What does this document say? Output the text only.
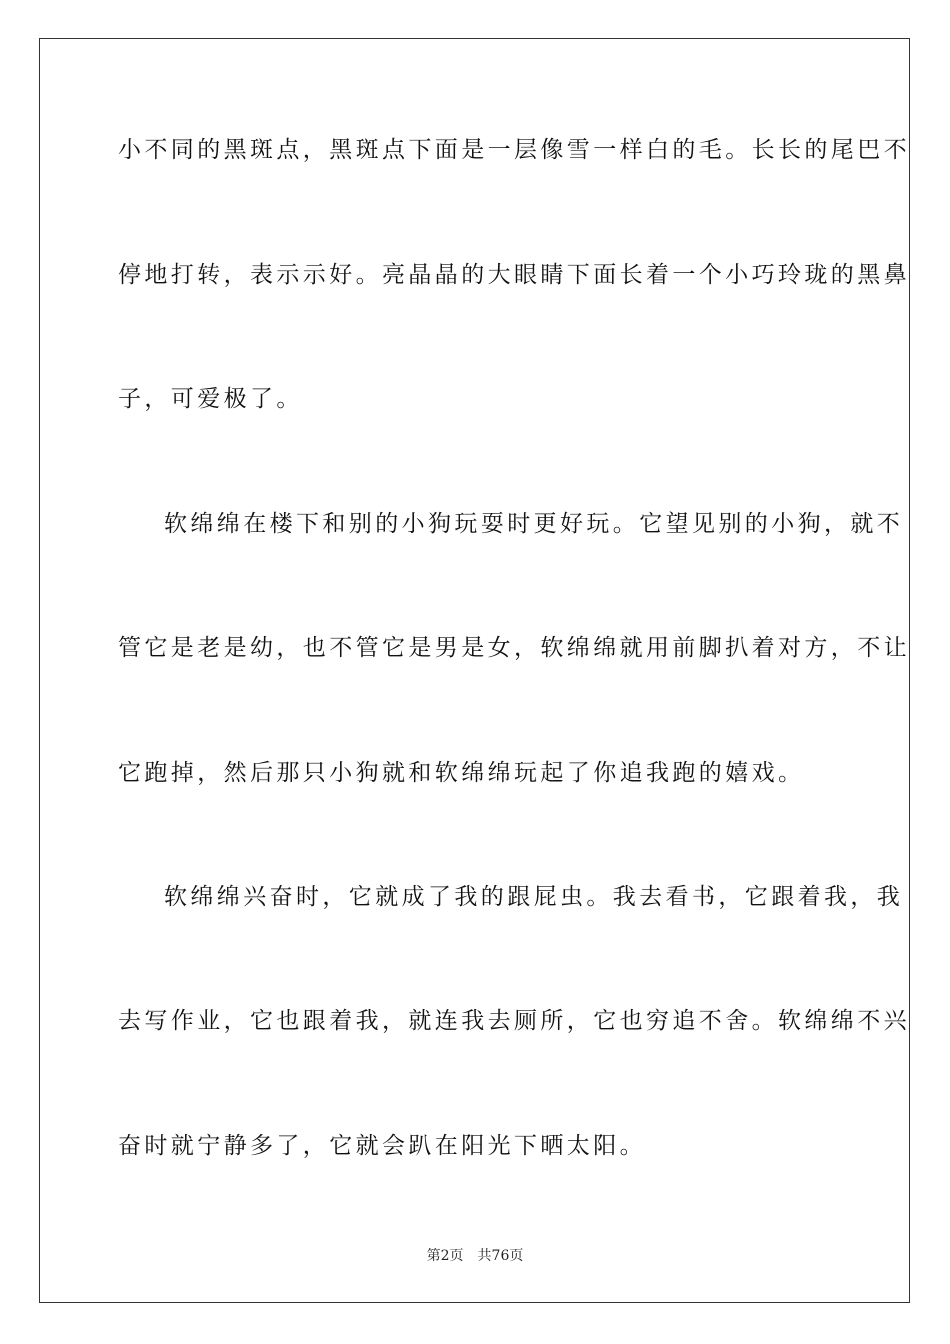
小不同的黑斑点，黑斑点下面是一层像雪一样白的毛。长长的尾巴不
停地打转，表示示好。亮晶晶的大眼睛下面长着一个小巧玲珑的黑鼻
子，可爱极了。
软绵绵在楼下和别的小狗玩耍时更好玩。它望见别的小狗，就不
管它是老是幼，也不管它是男是女，软绵绵就用前脚扒着对方，不让
它跑掉，然后那只小狗就和软绵绵玩起了你追我跑的嬉戏。
软绵绵兴奋时，它就成了我的跟屁虫。我去看书，它跟着我，我
去写作业，它也跟着我，就连我去厕所，它也穷追不舍。软绵绵不兴
奋时就宁静多了，它就会趴在阳光下晒太阳。
第2页 共76页
